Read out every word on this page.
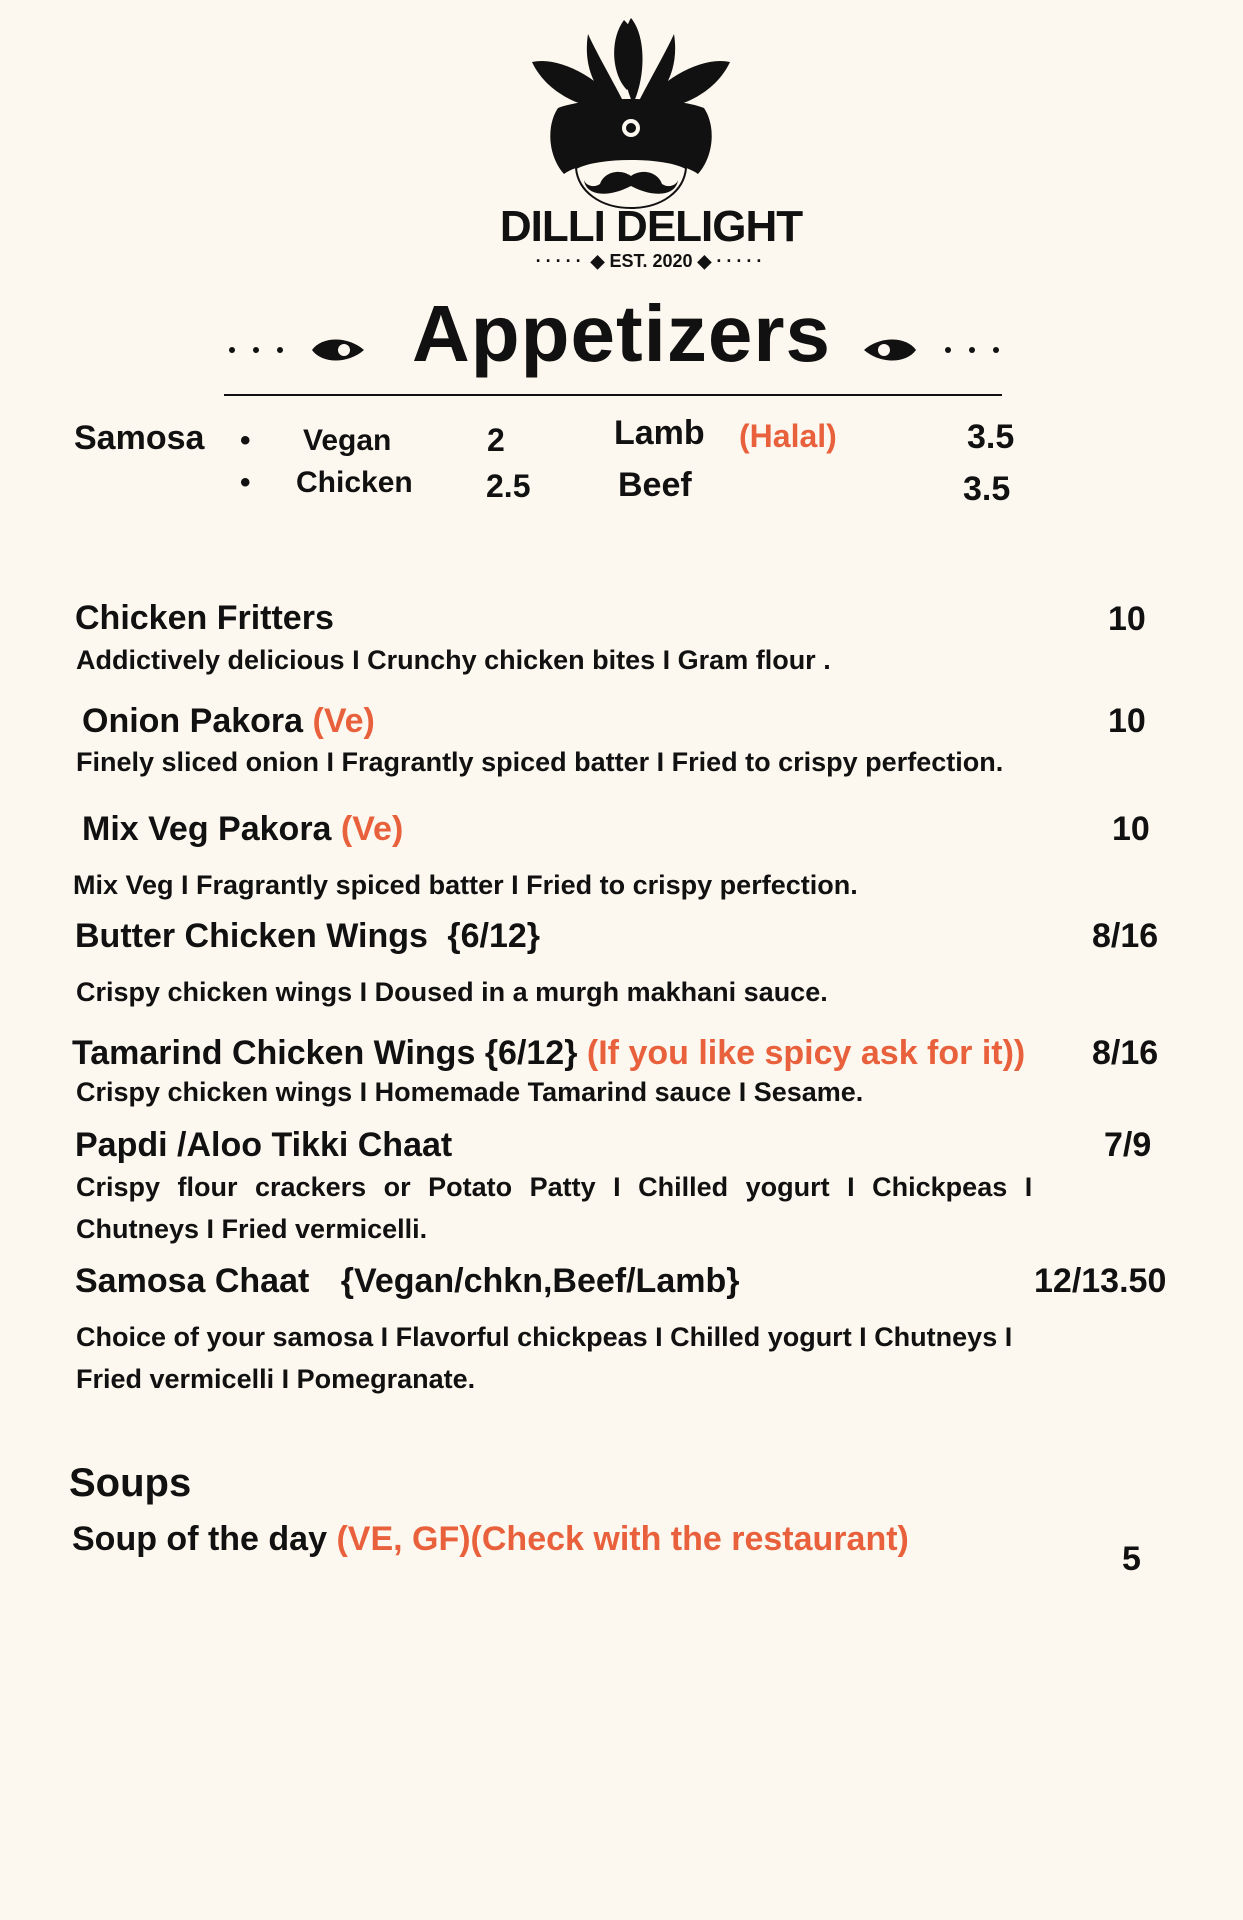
DILLI DELIGHT
····· ◆ EST. 2020 ◆ ·····
Appetizers
Samosa •
•
Vegan	2
Chicken 2.5
Lamb (Halal)	3.5
Beef	3.5
Chicken Fritters
Addictively delicious I Crunchy chicken bites I Gram flour .
10
Onion Pakora (Ve)
Finely sliced onion I Fragrantly spiced batter I Fried to crispy perfection.
10
Mix Veg Pakora (Ve)
Mix Veg I Fragrantly spiced batter I Fried to crispy perfection.
10
Butter Chicken Wings {6/12}
Crispy chicken wings I Doused in a murgh makhani sauce.
8/16
Tamarind Chicken Wings {6/12} (If you like spicy ask for it))
Crispy chicken wings I Homemade Tamarind sauce I Sesame.
8/16
Papdi /Aloo Tikki Chaat
Crispy flour crackers or Potato Patty I Chilled yogurt I Chickpeas I
Chutneys I Fried vermicelli.
7/9
Samosa Chaat {Vegan/chkn,Beef/Lamb}
Choice of your samosa I Flavorful chickpeas I Chilled yogurt I Chutneys I
Fried vermicelli I Pomegranate.
12/13.50
Soups
Soup of the day (VE, GF)(Check with the restaurant)
5
